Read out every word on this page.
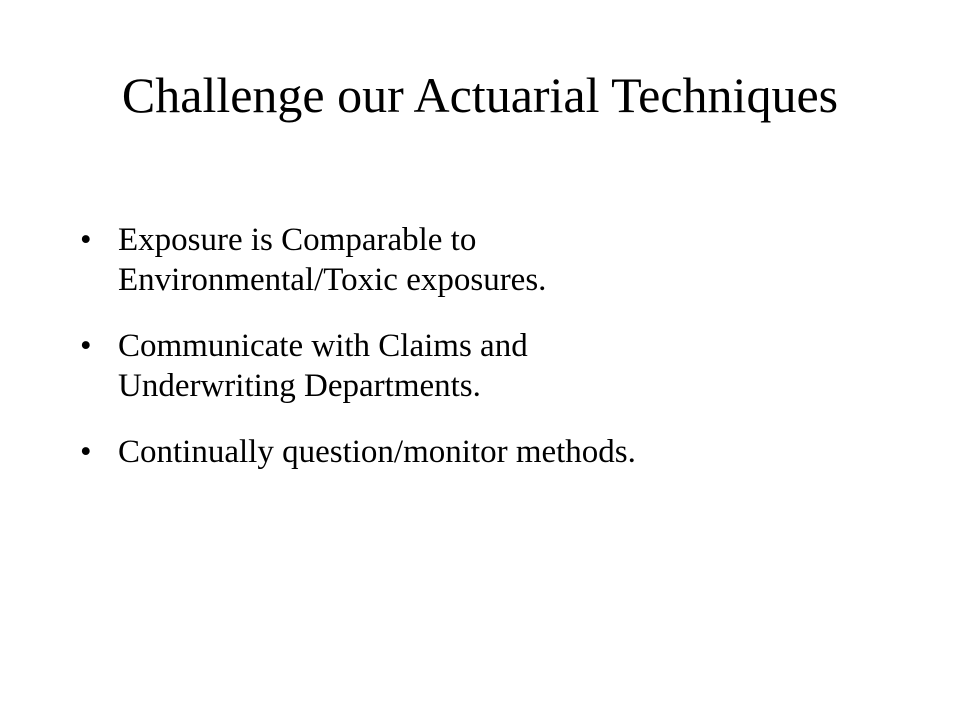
Challenge our Actuarial Techniques
• Exposure is Comparable to Environmental/Toxic exposures.
• Communicate with Claims and Underwriting Departments.
• Continually question/monitor methods.
